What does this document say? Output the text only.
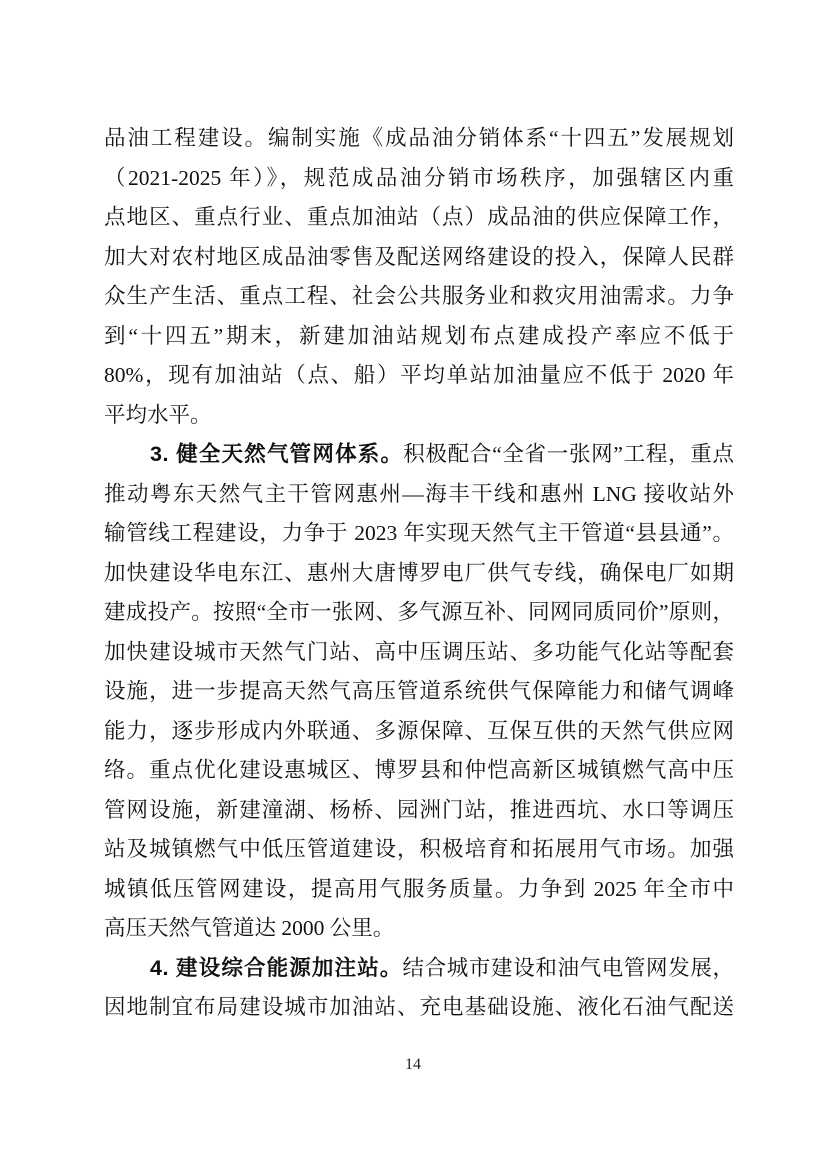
品油工程建设。编制实施《成品油分销体系“十四五”发展规划
（2021-2025 年）》，规范成品油分销市场秩序，加强辖区内重
点地区、重点行业、重点加油站（点）成品油的供应保障工作，
加大对农村地区成品油零售及配送网络建设的投入，保障人民群
众生产生活、重点工程、社会公共服务业和救灾用油需求。力争
到“十四五”期末，新建加油站规划布点建成投产率应不低于
80%，现有加油站（点、船）平均单站加油量应不低于 2020 年
平均水平。
3. 健全天然气管网体系。积极配合“全省一张网”工程，重点
推动粤东天然气主干管网惠州—海丰干线和惠州 LNG 接收站外
输管线工程建设，力争于 2023 年实现天然气主干管道“县县通”。
加快建设华电东江、惠州大唐博罗电厂供气专线，确保电厂如期
建成投产。按照“全市一张网、多气源互补、同网同质同价”原则，
加快建设城市天然气门站、高中压调压站、多功能气化站等配套
设施，进一步提高天然气高压管道系统供气保障能力和储气调峰
能力，逐步形成内外联通、多源保障、互保互供的天然气供应网
络。重点优化建设惠城区、博罗县和仲恺高新区城镇燃气高中压
管网设施，新建潼湖、杨桥、园洲门站，推进西坑、水口等调压
站及城镇燃气中低压管道建设，积极培育和拓展用气市场。加强
城镇低压管网建设，提高用气服务质量。力争到 2025 年全市中
高压天然气管道达 2000 公里。
4. 建设综合能源加注站。结合城市建设和油气电管网发展，
因地制宜布局建设城市加油站、充电基础设施、液化石油气配送
14
